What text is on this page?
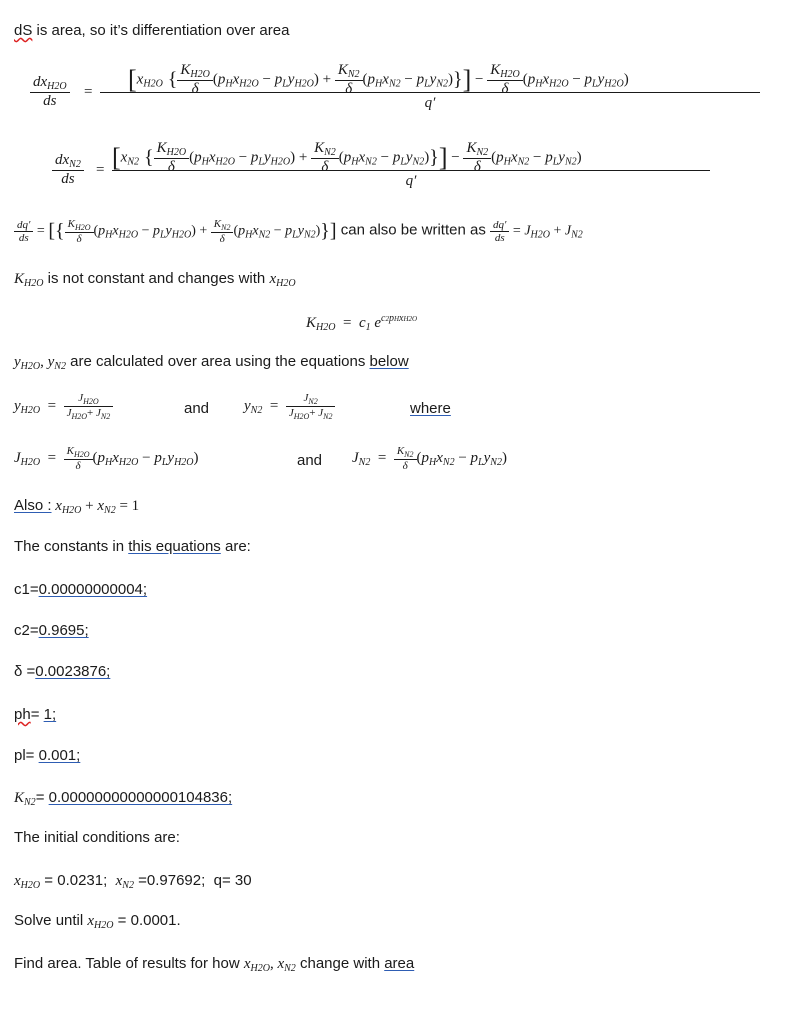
dS is area, so it’s differentiation over area
$dx_{H2O}$
ds
=	[$x_{H2O}$ { $\frac{K_{H2O}}{\delta} (p_Hx_{H2O} - p_Ly_{H2O}) + \frac{K_{N2}}{\delta} (p_Hx_{N2} - p_Ly_{N2})\}] - \frac{K_{H2O}}{\delta} (p_Hx_{H2O} - p_Ly_{H2O})$
q′
$dx_{N2}$
ds
= [$x_{N2}$ { $\frac{K_{H2O}}{\delta} (p_Hx_{H2O} - p_Ly_{H2O}) + \frac{K_{N2}}{\delta} (p_Hx_{N2} - p_Ly_{N2})\}] - \frac{K_{N2}}{\delta} (p_Hx_{N2} - p_Ly_{N2})$
q′
$\frac{dq'}{ds}$ = [{ $\frac{K_{H2O}}{\delta} (p_Hx_{H2O} - p_Ly_{H2O}) + \frac{K_{N2}}{\delta} (p_Hx_{N2} - p_Ly_{N2})$}] can also be written as $\frac{dq'}{ds} = J_{H2O} + J_{N2}$
$K_{H2O}$ is not constant and changes with $x_{H2O}$
$K_{H2O} = c_1$ $e^{c2pHxH2O}$
$y_{H2O}$, $y_{N2}$ are calculated over area using the equations below
$y_{H2O} = \frac{J_{H2O}}{J_{H2O}+ J_{N2}}$	and $y_{N2} = \frac{J_{N2}}{J_{H2O}+ J_{N2}}$	where
$J_{H2O} = \frac{K_{H2O}}{\delta} (p_Hx_{H2O} - p_Ly_{H2O})$	and $J_{N2} = \frac{K_{N2}}{\delta} (p_Hx_{N2} - p_Ly_{N2})$
Also : $x_{H2O} + x_{N2} = 1$
The constants in this equations are:
c1=0.00000000004;
c2=0.9695;
δ =0.0023876;
ph= 1;
pl= 0.001;
$K_{N2}= 0.00000000000000104836$;
The initial conditions are:
$x_{H2O} = 0.0231$; $x_{N2} =0.97692$; q= 30
Solve until $x_{H2O} = 0.0001$.
Find area. Table of results for how $x_{H2O}$, $x_{N2}$ change with area
